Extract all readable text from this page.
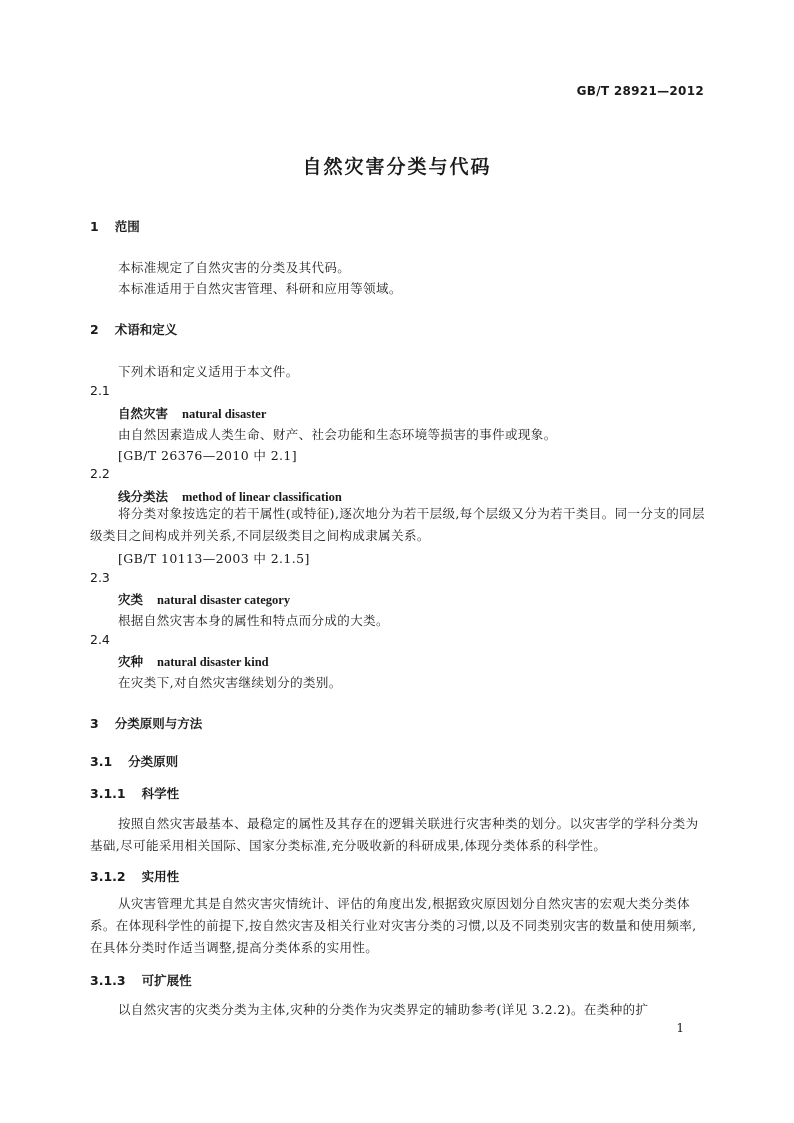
GB/T 28921—2012
自然灾害分类与代码
1 范围
本标准规定了自然灾害的分类及其代码。
本标准适用于自然灾害管理、科研和应用等领域。
2 术语和定义
下列术语和定义适用于本文件。
2.1
自然灾害 natural disaster
由自然因素造成人类生命、财产、社会功能和生态环境等损害的事件或现象。
[GB/T 26376—2010 中 2.1]
2.2
线分类法 method of linear classification
将分类对象按选定的若干属性(或特征),逐次地分为若干层级,每个层级又分为若干类目。同一分支的同层级类目之间构成并列关系,不同层级类目之间构成隶属关系。
[GB/T 10113—2003 中 2.1.5]
2.3
灾类 natural disaster category
根据自然灾害本身的属性和特点而分成的大类。
2.4
灾种 natural disaster kind
在灾类下,对自然灾害继续划分的类别。
3 分类原则与方法
3.1 分类原则
3.1.1 科学性
按照自然灾害最基本、最稳定的属性及其存在的逻辑关联进行灾害种类的划分。以灾害学的学科分类为基础,尽可能采用相关国际、国家分类标准,充分吸收新的科研成果,体现分类体系的科学性。
3.1.2 实用性
从灾害管理尤其是自然灾害灾情统计、评估的角度出发,根据致灾原因划分自然灾害的宏观大类分类体系。在体现科学性的前提下,按自然灾害及相关行业对灾害分类的习惯,以及不同类别灾害的数量和使用频率,在具体分类时作适当调整,提高分类体系的实用性。
3.1.3 可扩展性
以自然灾害的灾类分类为主体,灾种的分类作为灾类界定的辅助参考(详见 3.2.2)。在类种的扩
1
